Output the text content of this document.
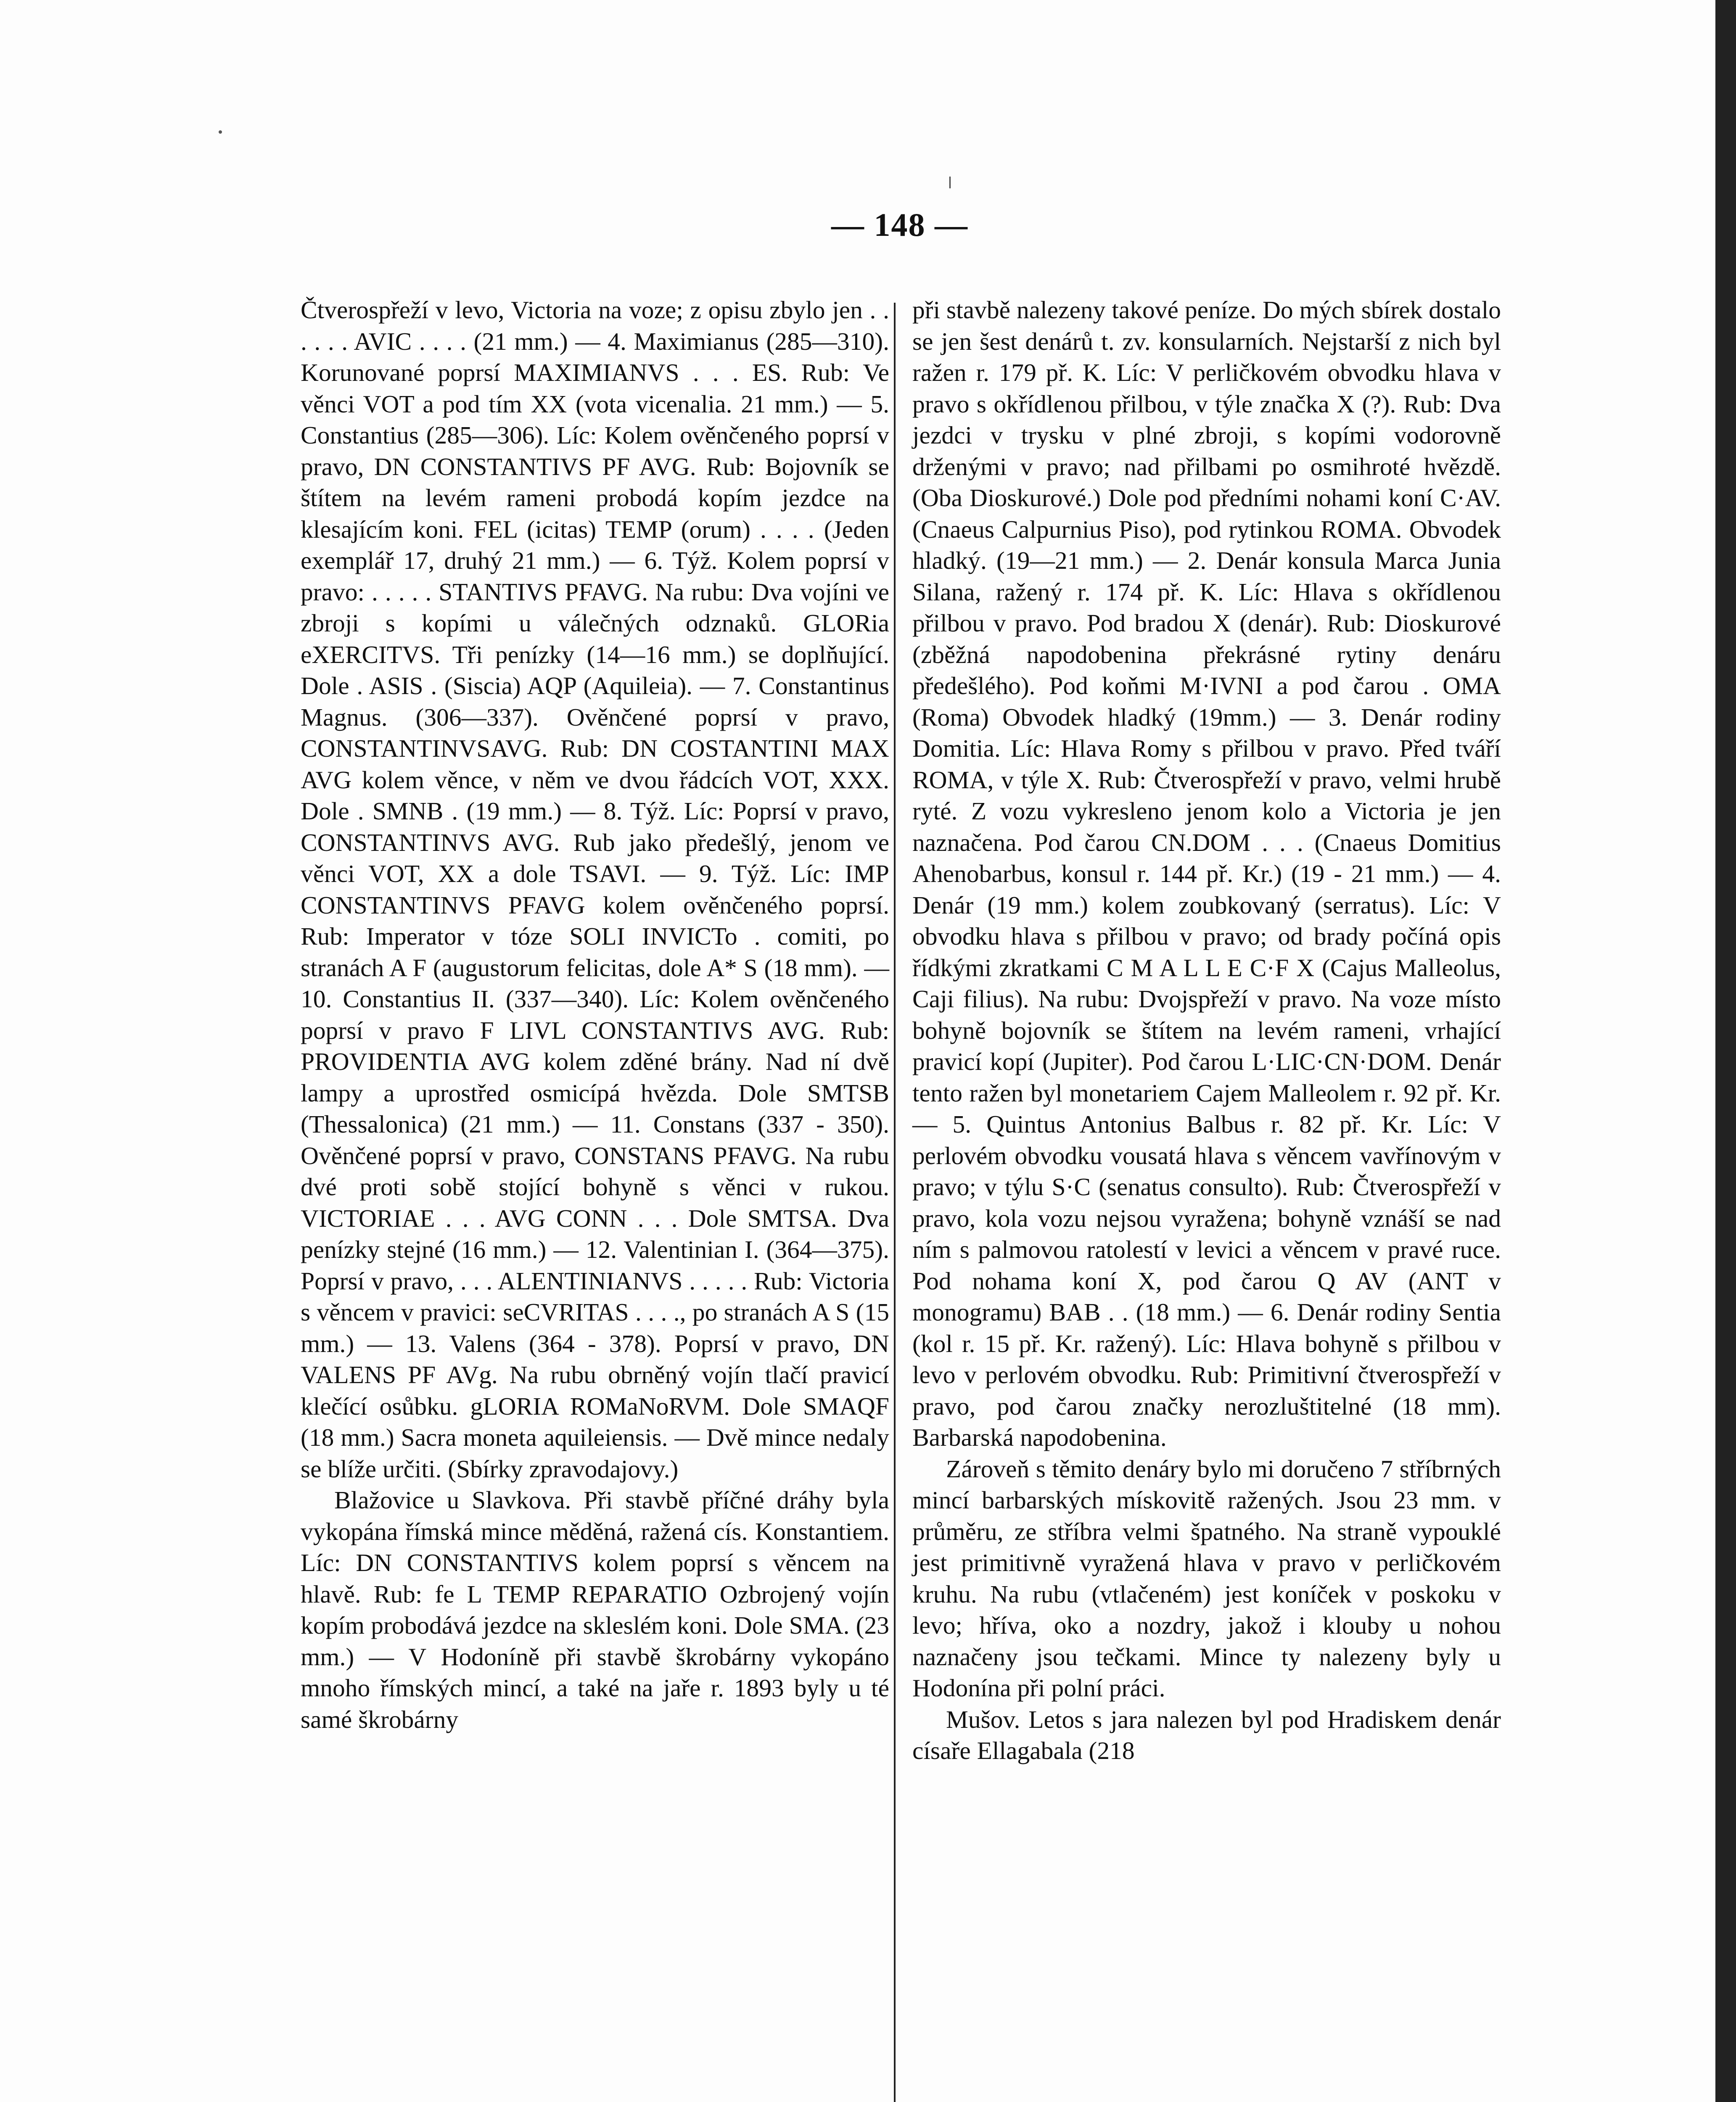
— 148 —

Čtverospřeží v levo, Victoria na voze; z opisu zbylo jen . . . . . . AVIC . . . . (21 mm.) — 4. Maximianus (285—310). Korunované poprsí MAXIMIANVS . . . ES. Rub: Ve věnci VOT a pod tím XX (vota vicenalia. 21 mm.) — 5. Constantius (285—306). Líc: Kolem ověnčeného poprsí v pravo, DN CONSTANTIVS PF AVG. Rub: Bojovník se štítem na levém rameni probodá kopím jezdce na klesajícím koni. FEL (icitas) TEMP (orum) . . . . (Jeden exemplář 17, druhý 21 mm.) — 6. Týž. Kolem poprsí v pravo: . . . . . STANTIVS PFAVG. Na rubu: Dva vojíni ve zbroji s kopími u válečných odznaků. GLORia eXERCITVS. Tři penízky (14—16 mm.) se doplňující. Dole . ASIS . (Siscia) AQP (Aquileia). — 7. Constantinus Magnus. (306—337). Ověnčené poprsí v pravo, CONSTANTINVSAVG. Rub: DN COSTANTINI MAX AVG kolem věnce, v něm ve dvou řádcích VOT, XXX. Dole . SMNB . (19 mm.) — 8. Týž. Líc: Poprsí v pravo, CONSTANTINVS AVG. Rub jako předešlý, jenom ve věnci VOT, XX a dole TSAVI. — 9. Týž. Líc: IMP CONSTANTINVS PFAVG kolem ověnčeného poprsí. Rub: Imperator v tóze SOLI INVICTo . comiti, po stranách A F (augustorum felicitas, dole A* S (18 mm). — 10. Constantius II. (337—340). Líc: Kolem ověnčeného poprsí v pravo F LIVL CONSTANTIVS AVG. Rub: PROVIDENTIA AVG kolem zděné brány. Nad ní dvě lampy a uprostřed osmicípá hvězda. Dole SMTSB (Thessalonica) (21 mm.) — 11. Constans (337 - 350). Ověnčené poprsí v pravo, CONSTANS PFAVG. Na rubu dvé proti sobě stojící bohyně s věnci v rukou. VICTORIAE . . . AVG CONN . . . Dole SMTSA. Dva penízky stejné (16 mm.) — 12. Valentinian I. (364—375). Poprsí v pravo, . . . ALENTINIANVS . . . . . Rub: Victoria s věncem v pravici: seCVRITAS . . . ., po stranách A S (15 mm.) — 13. Valens (364 - 378). Poprsí v pravo, DN VALENS PF AVg. Na rubu obrněný vojín tlačí pravicí klečící osůbku. gLORIA ROMaNoRVM. Dole SMAQF (18 mm.) Sacra moneta aquileiensis. — Dvě mince nedaly se blíže určiti. (Sbírky zpravodajovy.)

Blažovice u Slavkova. Při stavbě příčné dráhy byla vykopána římská mince měděná, ražená cís. Konstantiem. Líc: DN CONSTANTIVS kolem poprsí s věncem na hlavě. Rub: fe L TEMP REPARATIO Ozbrojený vojín kopím probodává jezdce na skleslém koni. Dole SMA. (23 mm.) — V Hodoníně při stavbě škrobárny vykopáno mnoho římských mincí, a také na jaře r. 1893 byly u té samé škrobárny

při stavbě nalezeny takové peníze. Do mých sbírek dostalo se jen šest denárů t. zv. konsularních. Nejstarší z nich byl ražen r. 179 př. K. Líc: V perličkovém obvodku hlava v pravo s okřídlenou přilbou, v týle značka X (?). Rub: Dva jezdci v trysku v plné zbroji, s kopími vodorovně drženými v pravo; nad přilbami po osmihroté hvězdě. (Oba Dioskurové.) Dole pod předními nohami koní C·AV. (Cnaeus Calpurnius Piso), pod rytinkou ROMA. Obvodek hladký. (19—21 mm.) — 2. Denár konsula Marca Junia Silana, ražený r. 174 př. K. Líc: Hlava s okřídlenou přilbou v pravo. Pod bradou X (denár). Rub: Dioskurové (zběžná napodobenina překrásné rytiny denáru předešlého). Pod koňmi M·IVNI a pod čarou . OMA (Roma) Obvodek hladký (19mm.) — 3. Denár rodiny Domitia. Líc: Hlava Romy s přilbou v pravo. Před tváří ROMA, v týle X. Rub: Čtverospřeží v pravo, velmi hrubě ryté. Z vozu vykresleno jenom kolo a Victoria je jen naznačena. Pod čarou CN.DOM . . . (Cnaeus Domitius Ahenobarbus, konsul r. 144 př. Kr.) (19 - 21 mm.) — 4. Denár (19 mm.) kolem zoubkovaný (serratus). Líc: V obvodku hlava s přilbou v pravo; od brady počíná opis řídkými zkratkami C M A L L E C·F X (Cajus Malleolus, Caji filius). Na rubu: Dvojspřeží v pravo. Na voze místo bohyně bojovník se štítem na levém rameni, vrhající pravicí kopí (Jupiter). Pod čarou L·LIC·CN·DOM. Denár tento ražen byl monetariem Cajem Malleolem r. 92 př. Kr. — 5. Quintus Antonius Balbus r. 82 př. Kr. Líc: V perlovém obvodku vousatá hlava s věncem vavřínovým v pravo; v týlu S·C (senatus consulto). Rub: Čtverospřeží v pravo, kola vozu nejsou vyražena; bohyně vznáší se nad ním s palmovou ratolestí v levici a věncem v pravé ruce. Pod nohama koní X, pod čarou Q AV (ANT v monogramu) BAB . . (18 mm.) — 6. Denár rodiny Sentia (kol r. 15 př. Kr. ražený). Líc: Hlava bohyně s přilbou v levo v perlovém obvodku. Rub: Primitivní čtverospřeží v pravo, pod čarou značky nerozluštitelné (18 mm). Barbarská napodobenina.

Zároveň s těmito denáry bylo mi doručeno 7 stříbrných mincí barbarských mískovitě ražených. Jsou 23 mm. v průměru, ze stříbra velmi špatného. Na straně vypouklé jest primitivně vyražená hlava v pravo v perličkovém kruhu. Na rubu (vtlačeném) jest koníček v poskoku v levo; hříva, oko a nozdry, jakož i klouby u nohou naznačeny jsou tečkami. Mince ty nalezeny byly u Hodonína při polní práci.

Mušov. Letos s jara nalezen byl pod Hradiskem denár císaře Ellagabala (218
